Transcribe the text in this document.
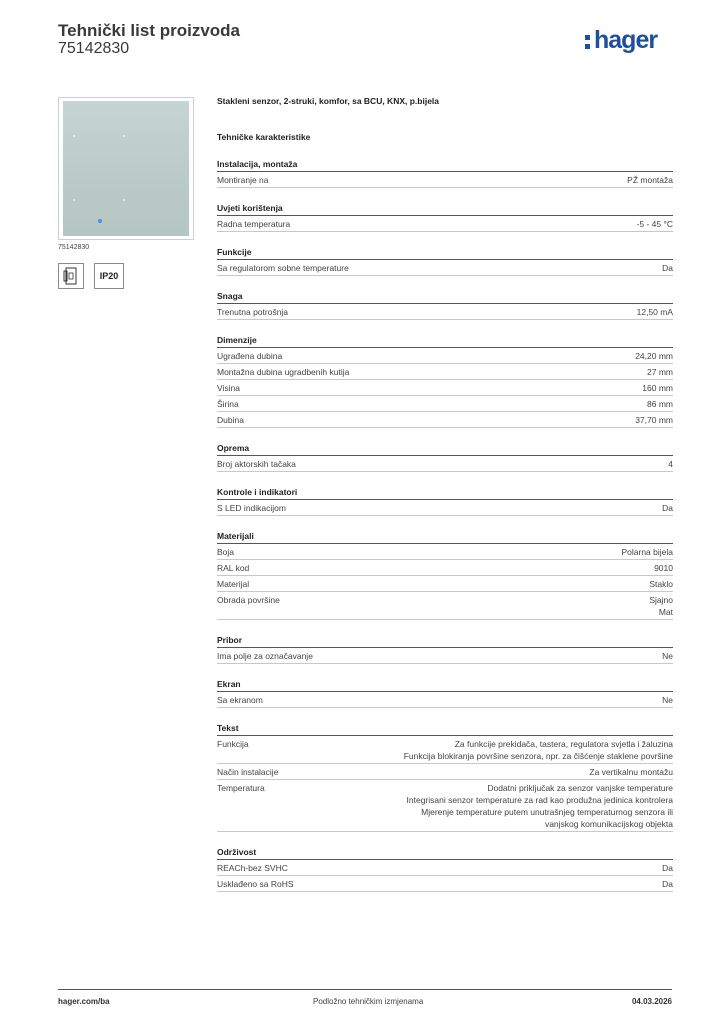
Tehnički list proizvoda
75142830	hager
75142830
IP20
Stakleni senzor, 2-struki, komfor, sa BCU, KNX, p.bijela
Tehničke karakteristike
Instalacija, montaža
Montiranje na	PŽ montaža
Uvjeti korištenja
Radna temperatura	-5 - 45 °C
Funkcije
Sa regulatorom sobne temperature	Da
Snaga
Trenutna potrošnja	12,50 mA
Dimenzije
Ugrađena dubina	24,20 mm
Montažna dubina ugradbenih kutija	27 mm
Visina	160 mm
Širina	86 mm
Dubina	37,70 mm
Oprema
Broj aktorskih tačaka	4
Kontrole i indikatori
S LED indikacijom	Da
Materijali
Boja	Polarna bijela
RAL kod	9010
Materijal	Staklo
Obrada površine	Sjajno
Mat
Pribor
Ima polje za označavanje	Ne
Ekran
Sa ekranom	Ne
Tekst
Funkcija	Za funkcije prekidača, tastera, regulatora svjetla i žaluzina
Funkcija blokiranja površine senzora, npr. za čišćenje staklene površine
Način instalacije	Za vertikalnu montažu
Temperatura	Dodatni priključak za senzor vanjske temperature
Integrisani senzor temperature za rad kao produžna jedinica kontrolera
Mjerenje temperature putem unutrašnjeg temperaturnog senzora ili
vanjskog komunikacijskog objekta
Održivost
REACh-bez SVHC	Da
Usklađeno sa RoHS	Da
hager.com/ba	Podložno tehničkim izmjenama	04.03.2026
